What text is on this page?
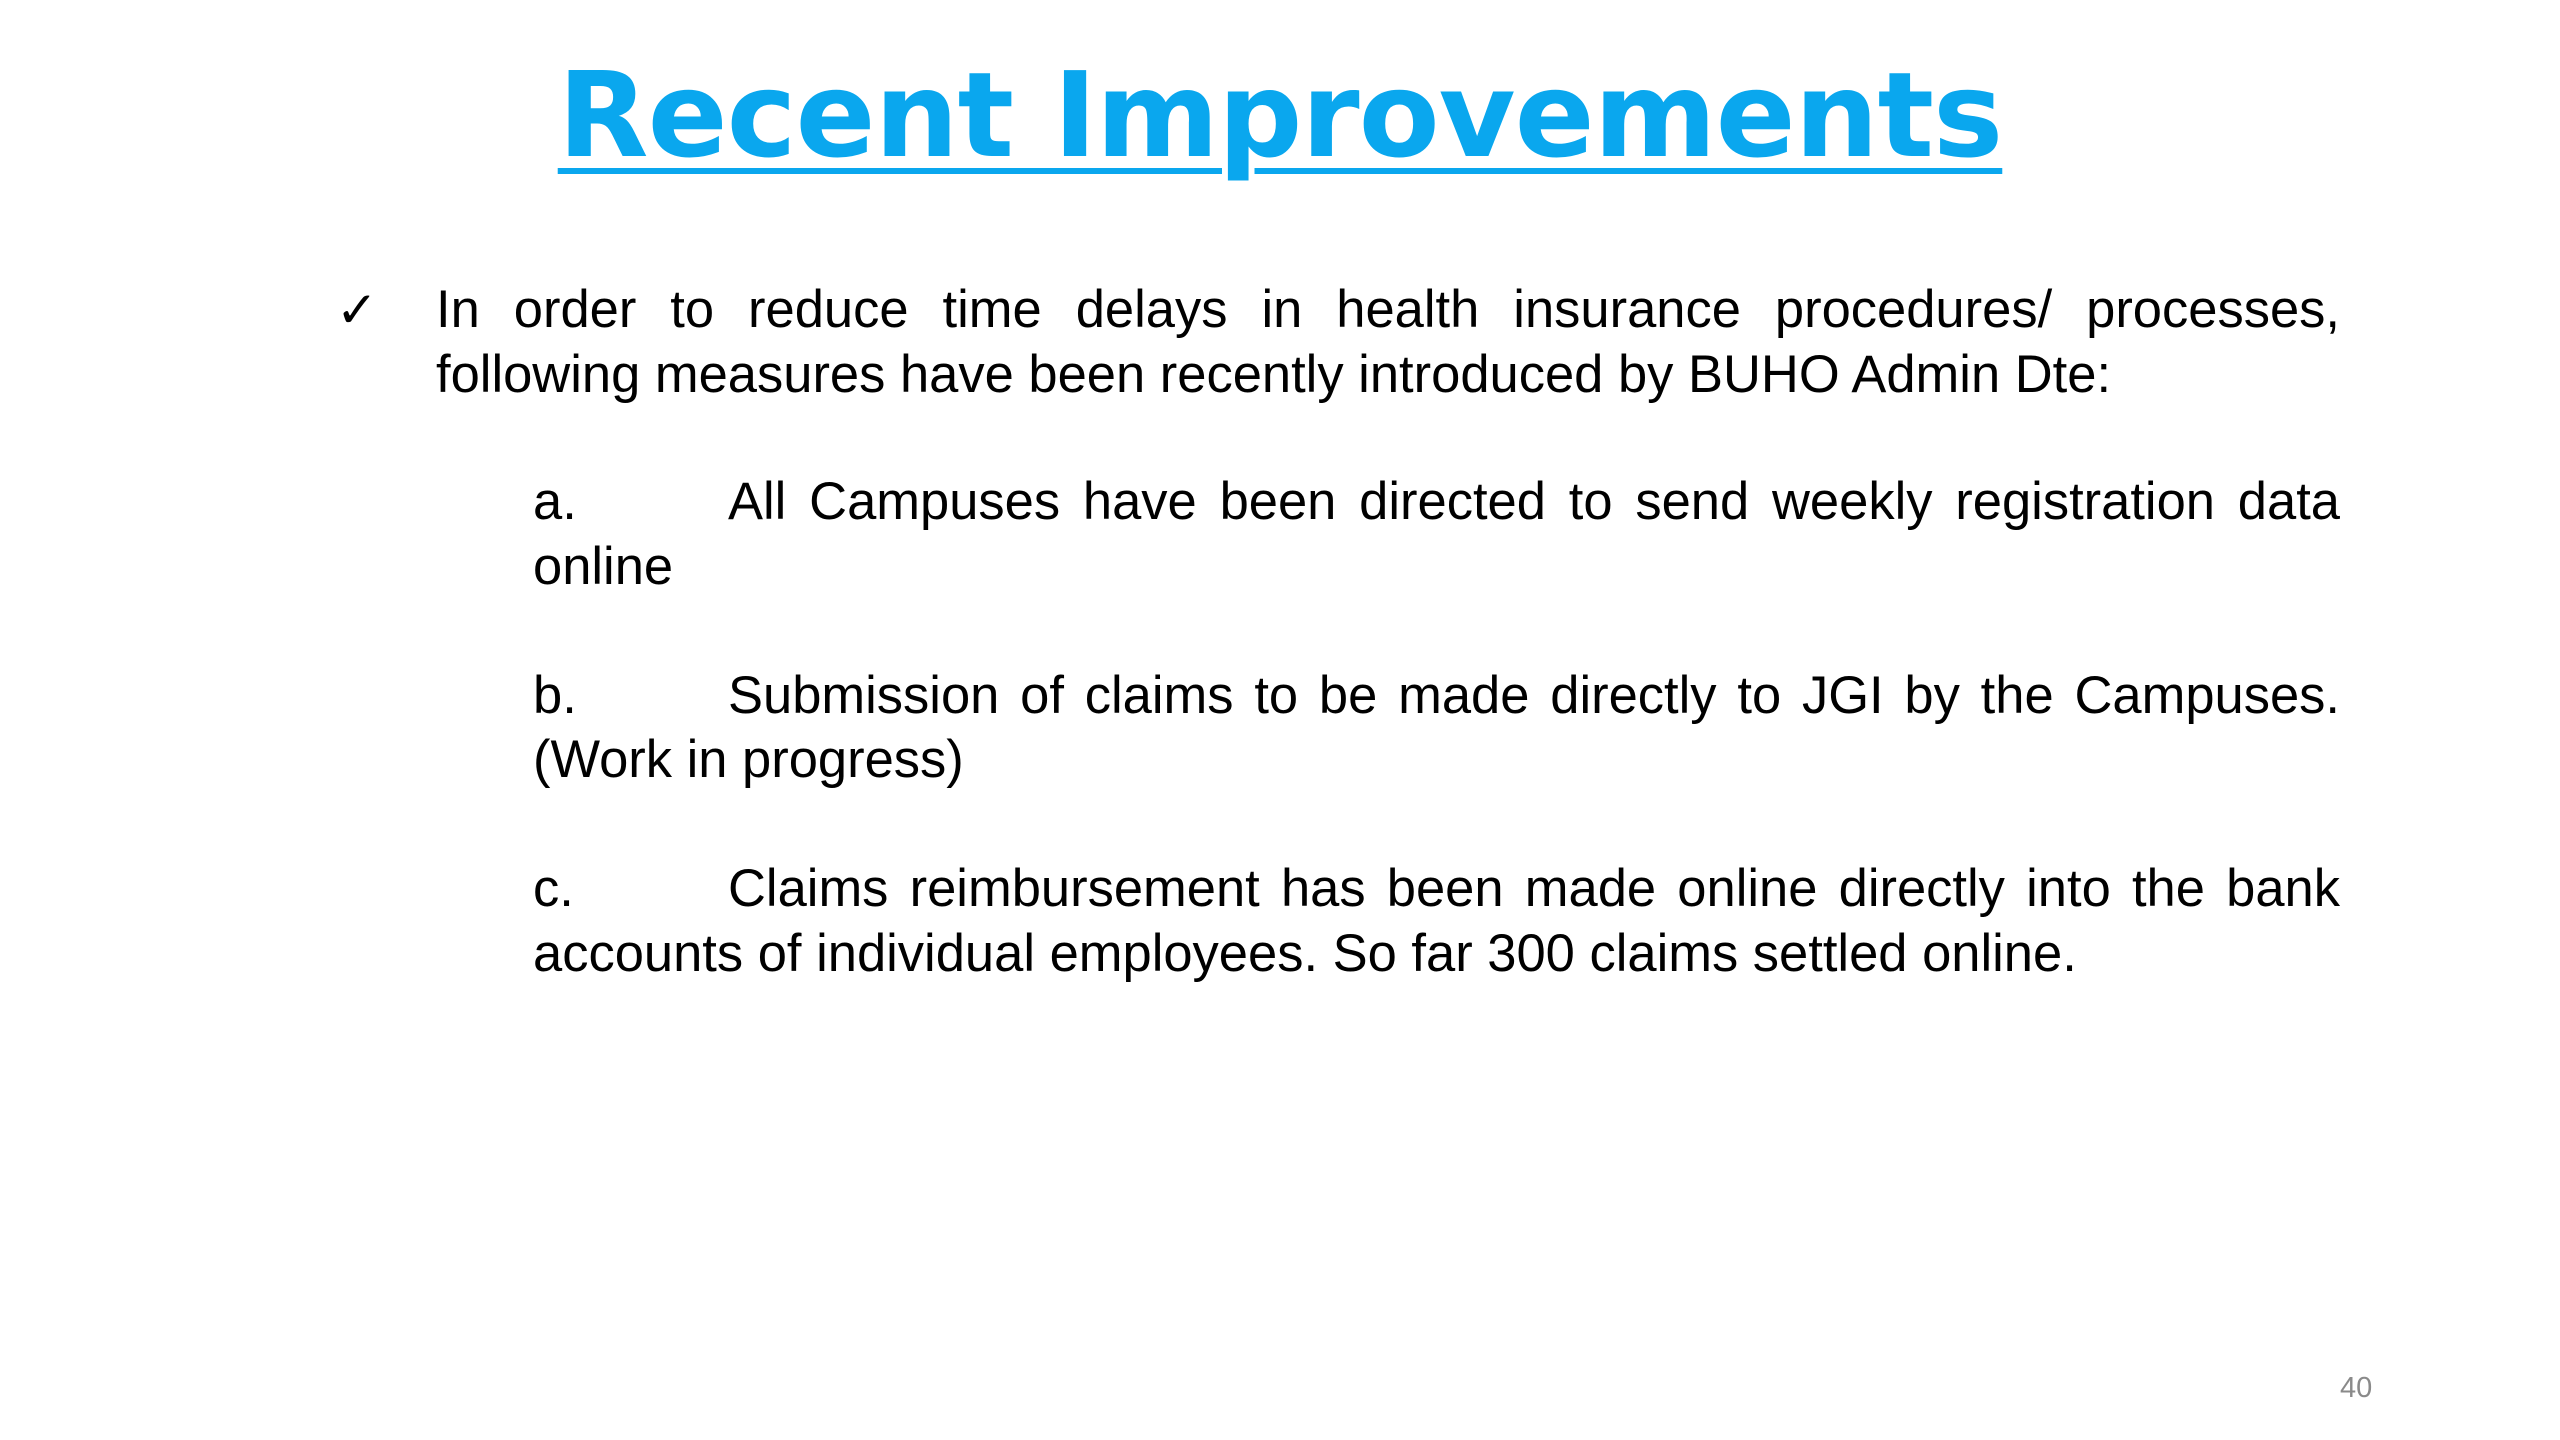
Recent Improvements
✓ In order to reduce time delays in health insurance procedures/ processes, following measures have been recently introduced by BUHO Admin Dte:
a.	All Campuses have been directed to send weekly registration data online
b.	Submission of claims to be made directly to JGI by the Campuses. (Work in progress)
c.	Claims reimbursement has been made online directly into the bank accounts of individual employees. So far 300 claims settled online.
40
